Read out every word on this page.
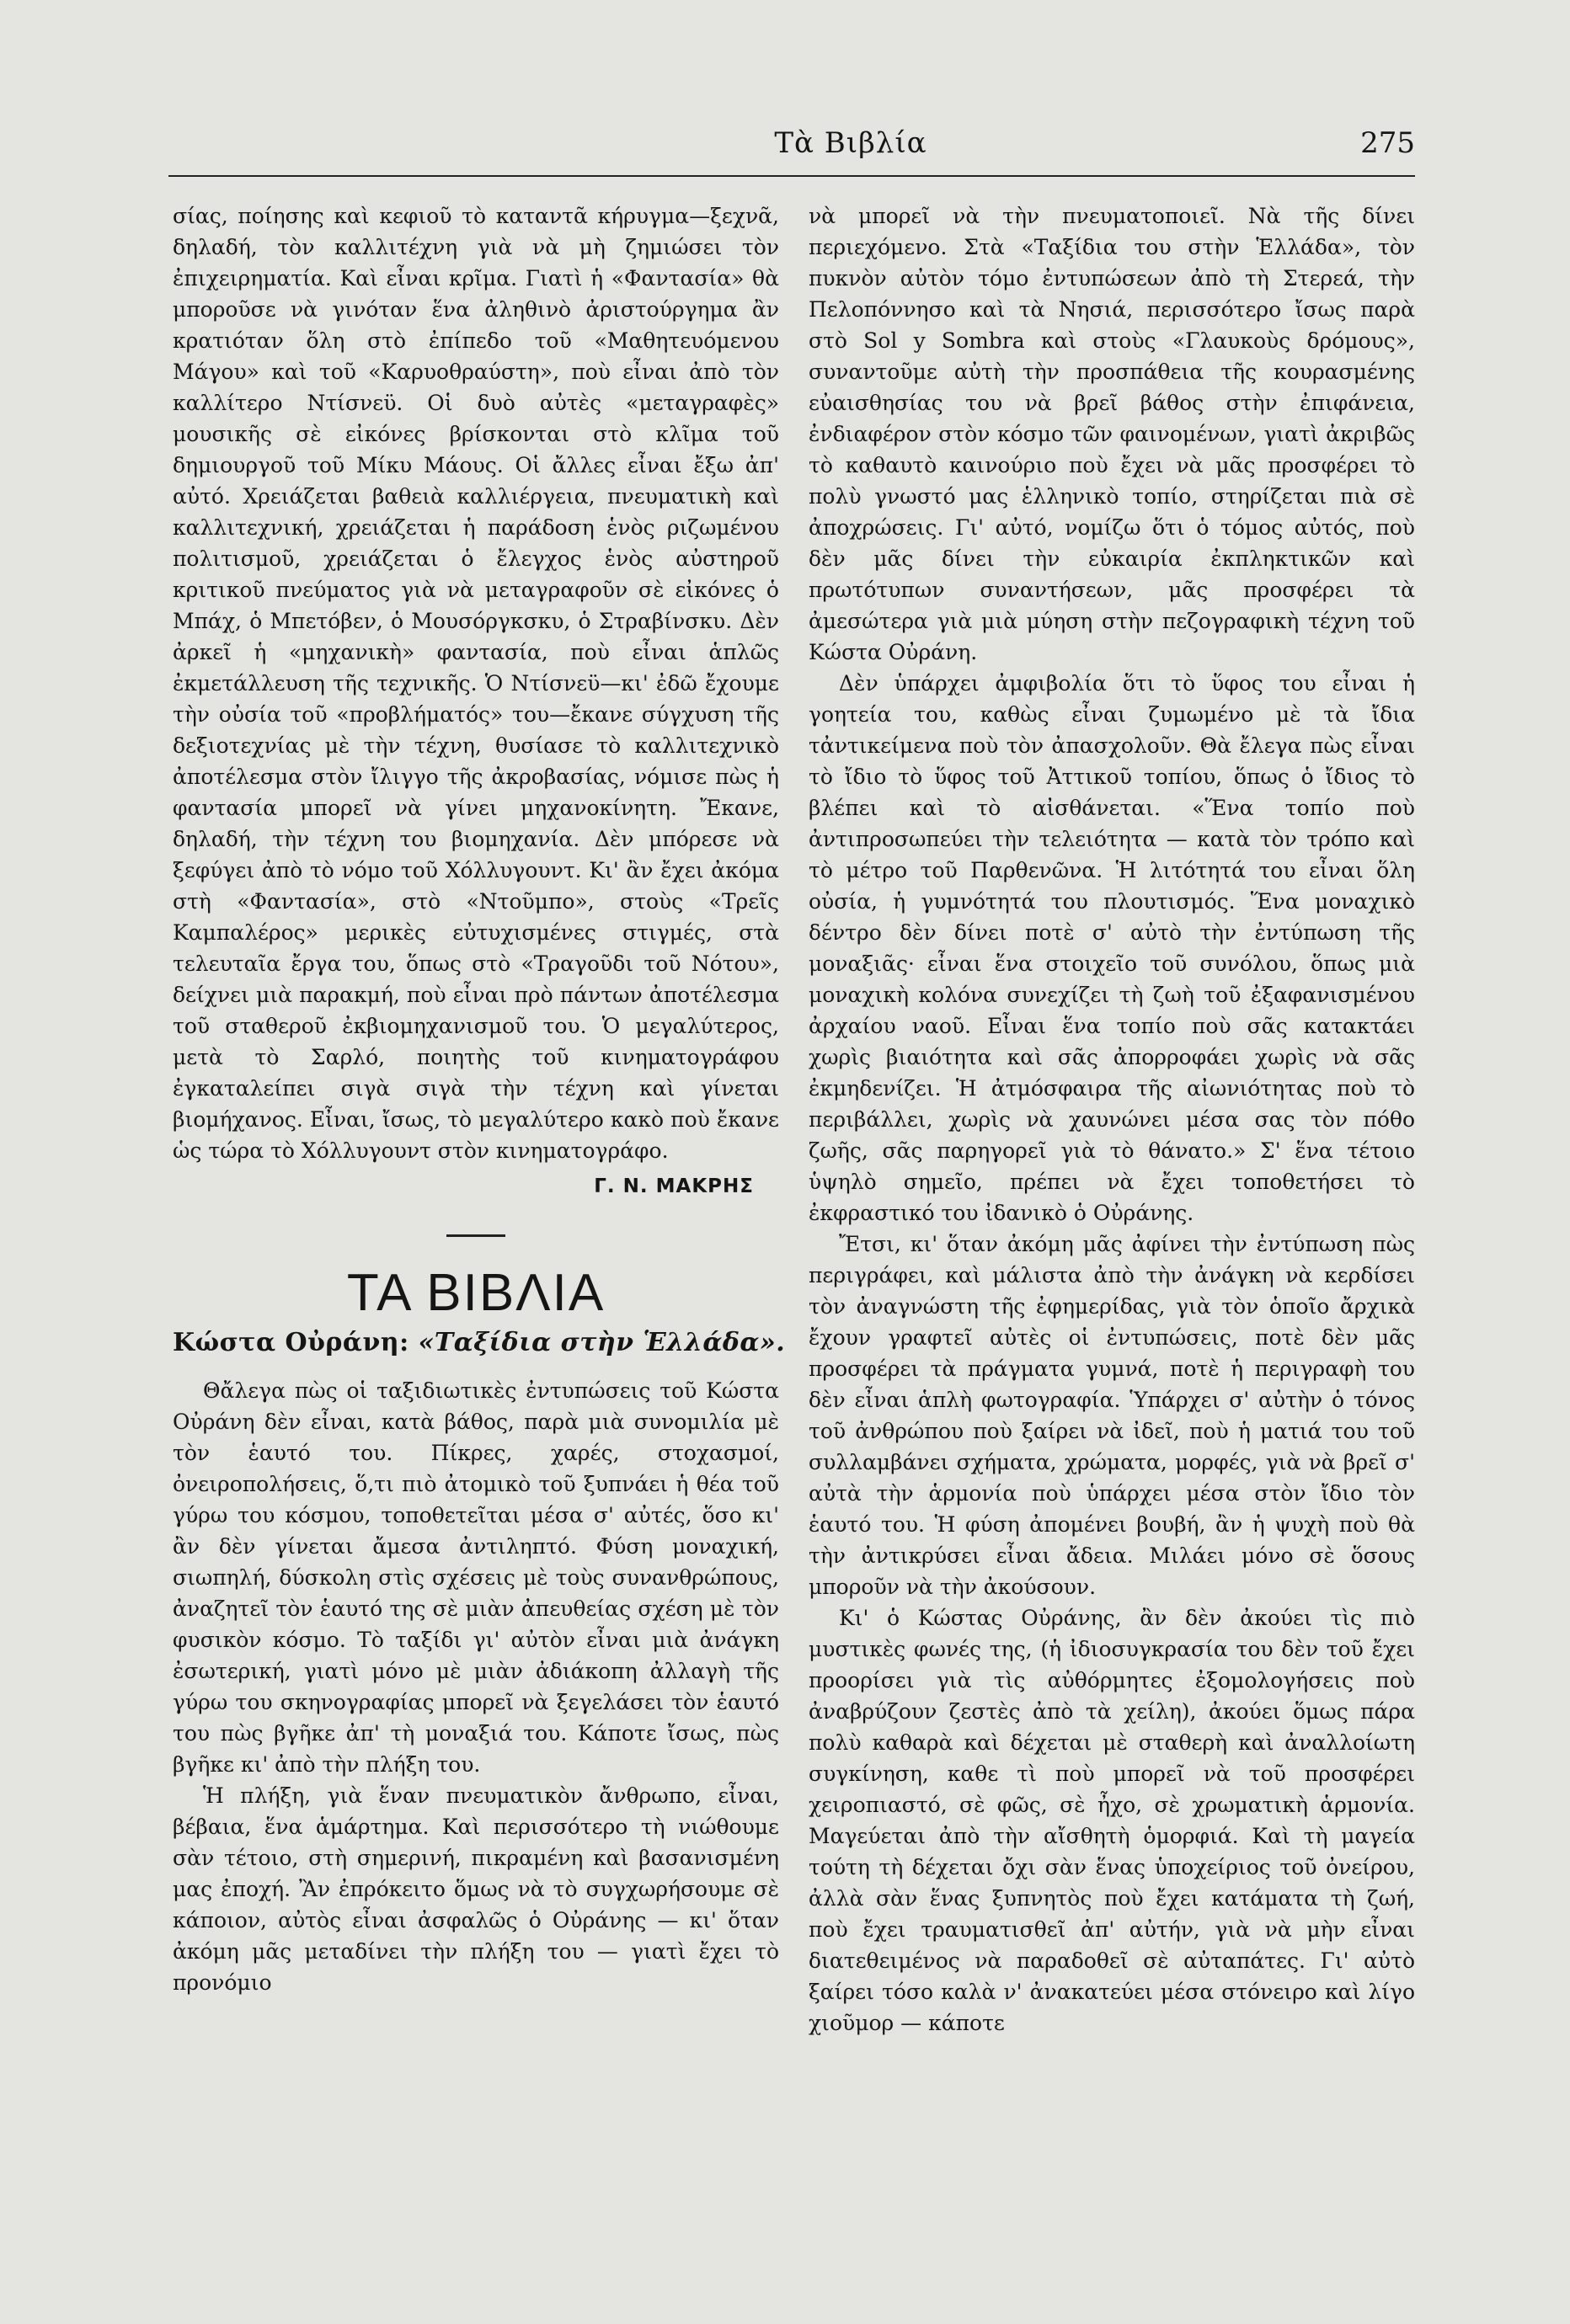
Τὰ Βιβλία	275

σίας, ποίησης καὶ κεφιοῦ τὸ καταντᾶ κήρυγμα—ξεχνᾶ, δηλαδή, τὸν καλλιτέχνη γιὰ νὰ μὴ ζημιώσει τὸν ἐπιχειρηματία. Καὶ εἶναι κρῖμα. Γιατὶ ἡ «Φαντασία» θὰ μποροῦσε νὰ γινόταν ἕνα ἀληθινὸ ἀριστούργημα ἂν κρατιόταν ὅλη στὸ ἐπίπεδο τοῦ «Μαθητευόμενου Μάγου» καὶ τοῦ «Καρυοθραύστη», ποὺ εἶναι ἀπὸ τὸν καλλίτερο Ντίσνεϋ. Οἱ δυὸ αὐτὲς «μεταγραφὲς» μουσικῆς σὲ εἰκόνες βρίσκονται στὸ κλῖμα τοῦ δημιουργοῦ τοῦ Μίκυ Μάους. Οἱ ἄλλες εἶναι ἔξω ἀπ' αὐτό. Χρειάζεται βαθειὰ καλλιέργεια, πνευματικὴ καὶ καλλιτεχνική, χρειάζεται ἡ παράδοση ἑνὸς ριζωμένου πολιτισμοῦ, χρειάζεται ὁ ἔλεγχος ἑνὸς αὐστηροῦ κριτικοῦ πνεύματος γιὰ νὰ μεταγραφοῦν σὲ εἰκόνες ὁ Μπάχ, ὁ Μπετόβεν, ὁ Μουσόργκσκυ, ὁ Στραβίνσκυ. Δὲν ἀρκεῖ ἡ «μηχανικὴ» φαντασία, ποὺ εἶναι ἁπλῶς ἐκμετάλλευση τῆς τεχνικῆς. Ὁ Ντίσνεϋ—κι' ἐδῶ ἔχουμε τὴν οὐσία τοῦ «προβλήματός» του—ἔκανε σύγχυση τῆς δεξιοτεχνίας μὲ τὴν τέχνη, θυσίασε τὸ καλλιτεχνικὸ ἀποτέλεσμα στὸν ἴλιγγο τῆς ἀκροβασίας, νόμισε πὼς ἡ φαντασία μπορεῖ νὰ γίνει μηχανοκίνητη. Ἔκανε, δηλαδή, τὴν τέχνη του βιομηχανία. Δὲν μπόρεσε νὰ ξεφύγει ἀπὸ τὸ νόμο τοῦ Χόλλυγουντ. Κι' ἂν ἔχει ἀκόμα στὴ «Φαντασία», στὸ «Ντοῦμπο», στοὺς «Τρεῖς Καμπαλέρος» μερικὲς εὐτυχισμένες στιγμές, στὰ τελευταῖα ἔργα του, ὅπως στὸ «Τραγοῦδι τοῦ Νότου», δείχνει μιὰ παρακμή, ποὺ εἶναι πρὸ πάντων ἀποτέλεσμα τοῦ σταθεροῦ ἐκβιομηχανισμοῦ του. Ὁ μεγαλύτερος, μετὰ τὸ Σαρλό, ποιητὴς τοῦ κινηματογράφου ἐγκαταλείπει σιγὰ σιγὰ τὴν τέχνη καὶ γίνεται βιομήχανος. Εἶναι, ἴσως, τὸ μεγαλύτερο κακὸ ποὺ ἔκανε ὡς τώρα τὸ Χόλλυγουντ στὸν κινηματογράφο.

Γ. Ν. ΜΑΚΡΗΣ
ΤΑ ΒΙΒΛΙΑ
Κώστα Οὐράνη: «Ταξίδια στὴν Ἑλλάδα».

Θἄλεγα πὼς οἱ ταξιδιωτικὲς ἐντυπώσεις τοῦ Κώστα Οὐράνη δὲν εἶναι, κατὰ βάθος, παρὰ μιὰ συνομιλία μὲ τὸν ἑαυτό του. Πίκρες, χαρές, στοχασμοί, ὀνειροπολήσεις, ὅ,τι πιὸ ἀτομικὸ τοῦ ξυπνάει ἡ θέα τοῦ γύρω του κόσμου, τοποθετεῖται μέσα σ' αὐτές, ὅσο κι' ἂν δὲν γίνεται ἄμεσα ἀντιληπτό. Φύση μοναχική, σιωπηλή, δύσκολη στὶς σχέσεις μὲ τοὺς συνανθρώπους, ἀναζητεῖ τὸν ἑαυτό της σὲ μιὰν ἀπευθείας σχέση μὲ τὸν φυσικὸν κόσμο. Τὸ ταξίδι γι' αὐτὸν εἶναι μιὰ ἀνάγκη ἐσωτερική, γιατὶ μόνο μὲ μιὰν ἀδιάκοπη ἀλλαγὴ τῆς γύρω του σκηνογραφίας μπορεῖ νὰ ξεγελάσει τὸν ἑαυτό του πὼς βγῆκε ἀπ' τὴ μοναξιά του. Κάποτε ἴσως, πὼς βγῆκε κι' ἀπὸ τὴν πλήξη του.

Ἡ πλήξη, γιὰ ἕναν πνευματικὸν ἄνθρωπο, εἶναι, βέβαια, ἕνα ἁμάρτημα. Καὶ περισσότερο τὴ νιώθουμε σὰν τέτοιο, στὴ σημερινή, πικραμένη καὶ βασανισμένη μας ἐποχή. Ἂν ἐπρόκειτο ὅμως νὰ τὸ συγχωρήσουμε σὲ κάποιον, αὐτὸς εἶναι ἀσφαλῶς ὁ Οὐράνης — κι' ὅταν ἀκόμη μᾶς μεταδίνει τὴν πλήξη του — γιατὶ ἔχει τὸ προνόμιο

νὰ μπορεῖ νὰ τὴν πνευματοποιεῖ. Νὰ τῆς δίνει περιεχόμενο. Στὰ «Ταξίδια του στὴν Ἑλλάδα», τὸν πυκνὸν αὐτὸν τόμο ἐντυπώσεων ἀπὸ τὴ Στερεά, τὴν Πελοπόννησο καὶ τὰ Νησιά, περισσότερο ἴσως παρὰ στὸ Sol y Sombra καὶ στοὺς «Γλαυκοὺς δρόμους», συναντοῦμε αὐτὴ τὴν προσπάθεια τῆς κουρασμένης εὐαισθησίας του νὰ βρεῖ βάθος στὴν ἐπιφάνεια, ἐνδιαφέρον στὸν κόσμο τῶν φαινομένων, γιατὶ ἀκριβῶς τὸ καθαυτὸ καινούριο ποὺ ἔχει νὰ μᾶς προσφέρει τὸ πολὺ γνωστό μας ἑλληνικὸ τοπίο, στηρίζεται πιὰ σὲ ἀποχρώσεις. Γι' αὐτό, νομίζω ὅτι ὁ τόμος αὐτός, ποὺ δὲν μᾶς δίνει τὴν εὐκαιρία ἐκπληκτικῶν καὶ πρωτότυπων συναντήσεων, μᾶς προσφέρει τὰ ἀμεσώτερα γιὰ μιὰ μύηση στὴν πεζογραφικὴ τέχνη τοῦ Κώστα Οὐράνη.

Δὲν ὑπάρχει ἀμφιβολία ὅτι τὸ ὕφος του εἶναι ἡ γοητεία του, καθὼς εἶναι ζυμωμένο μὲ τὰ ἴδια τἀντικείμενα ποὺ τὸν ἀπασχολοῦν. Θὰ ἔλεγα πὼς εἶναι τὸ ἴδιο τὸ ὕφος τοῦ Ἀττικοῦ τοπίου, ὅπως ὁ ἴδιος τὸ βλέπει καὶ τὸ αἰσθάνεται. «Ἕνα τοπίο ποὺ ἀντιπροσωπεύει τὴν τελειότητα — κατὰ τὸν τρόπο καὶ τὸ μέτρο τοῦ Παρθενῶνα. Ἡ λιτότητά του εἶναι ὅλη οὐσία, ἡ γυμνότητά του πλουτισμός. Ἕνα μοναχικὸ δέντρο δὲν δίνει ποτὲ σ' αὐτὸ τὴν ἐντύπωση τῆς μοναξιᾶς· εἶναι ἕνα στοιχεῖο τοῦ συνόλου, ὅπως μιὰ μοναχικὴ κολόνα συνεχίζει τὴ ζωὴ τοῦ ἐξαφανισμένου ἀρχαίου ναοῦ. Εἶναι ἕνα τοπίο ποὺ σᾶς κατακτάει χωρὶς βιαιότητα καὶ σᾶς ἀπορροφάει χωρὶς νὰ σᾶς ἐκμηδενίζει. Ἡ ἀτμόσφαιρα τῆς αἰωνιότητας ποὺ τὸ περιβάλλει, χωρὶς νὰ χαυνώνει μέσα σας τὸν πόθο ζωῆς, σᾶς παρηγορεῖ γιὰ τὸ θάνατο.» Σ' ἕνα τέτοιο ὑψηλὸ σημεῖο, πρέπει νὰ ἔχει τοποθετήσει τὸ ἐκφραστικό του ἰδανικὸ ὁ Οὐράνης.

Ἔτσι, κι' ὅταν ἀκόμη μᾶς ἀφίνει τὴν ἐντύπωση πὼς περιγράφει, καὶ μάλιστα ἀπὸ τὴν ἀνάγκη νὰ κερδίσει τὸν ἀναγνώστη τῆς ἐφημερίδας, γιὰ τὸν ὁποῖο ἄρχικὰ ἔχουν γραφτεῖ αὐτὲς οἱ ἐντυπώσεις, ποτὲ δὲν μᾶς προσφέρει τὰ πράγματα γυμνά, ποτὲ ἡ περιγραφὴ του δὲν εἶναι ἁπλὴ φωτογραφία. Ὑπάρχει σ' αὐτὴν ὁ τόνος τοῦ ἀνθρώπου ποὺ ξαίρει νὰ ἰδεῖ, ποὺ ἡ ματιά του τοῦ συλλαμβάνει σχήματα, χρώματα, μορφές, γιὰ νὰ βρεῖ σ' αὐτὰ τὴν ἁρμονία ποὺ ὑπάρχει μέσα στὸν ἴδιο τὸν ἑαυτό του. Ἡ φύση ἀπομένει βουβή, ἂν ἡ ψυχὴ ποὺ θὰ τὴν ἀντικρύσει εἶναι ἄδεια. Μιλάει μόνο σὲ ὅσους μποροῦν νὰ τὴν ἀκούσουν.

Κι' ὁ Κώστας Οὐράνης, ἂν δὲν ἀκούει τὶς πιὸ μυστικὲς φωνές της, (ἡ ἰδιοσυγκρασία του δὲν τοῦ ἔχει προορίσει γιὰ τὶς αὐθόρμητες ἐξομολογήσεις ποὺ ἀναβρύζουν ζεστὲς ἀπὸ τὰ χείλη), ἀκούει ὅμως πάρα πολὺ καθαρὰ καὶ δέχεται μὲ σταθερὴ καὶ ἀναλλοίωτη συγκίνηση, καθε τὶ ποὺ μπορεῖ νὰ τοῦ προσφέρει χειροπιαστό, σὲ φῶς, σὲ ἦχο, σὲ χρωματικὴ ἁρμονία. Μαγεύεται ἀπὸ τὴν αἴσθητὴ ὁμορφιά. Καὶ τὴ μαγεία τούτη τὴ δέχεται ὄχι σὰν ἕνας ὑποχείριος τοῦ ὀνείρου, ἀλλὰ σὰν ἕνας ξυπνητὸς ποὺ ἔχει κατάματα τὴ ζωή, ποὺ ἔχει τραυματισθεῖ ἀπ' αὐτήν, γιὰ νὰ μὴν εἶναι διατεθειμένος νὰ παραδοθεῖ σὲ αὐταπάτες. Γι' αὐτὸ ξαίρει τόσο καλὰ ν' ἀνακατεύει μέσα στόνειρο καὶ λίγο χιοῦμορ — κάποτε
